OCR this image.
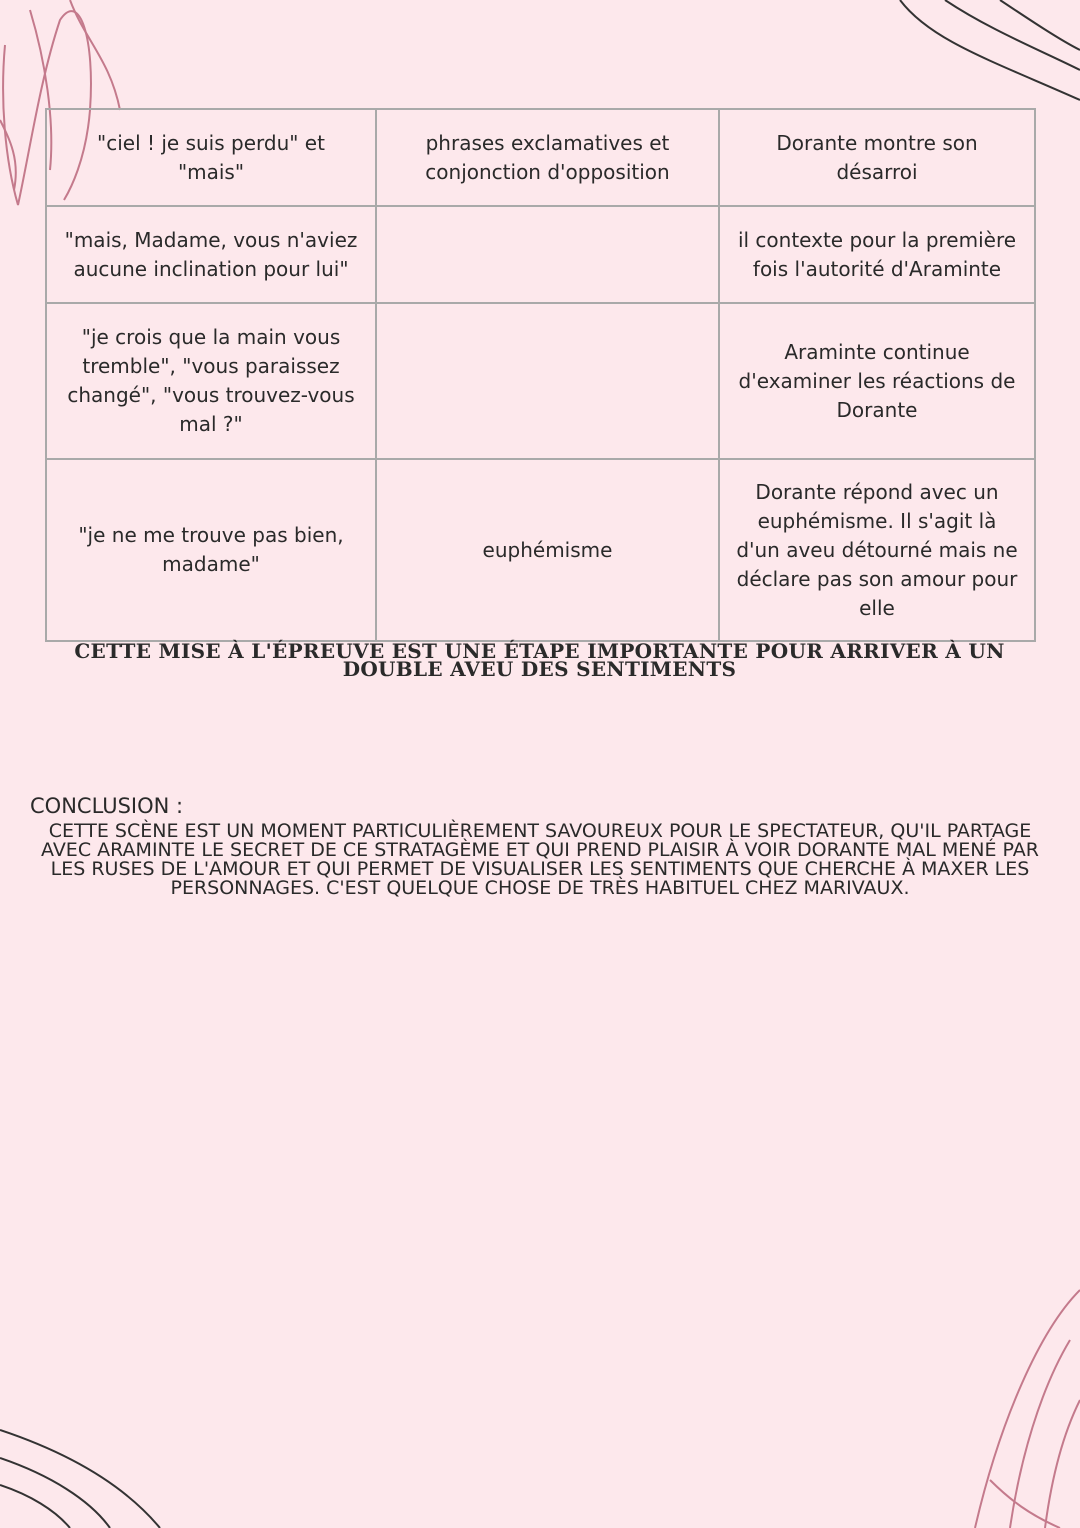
"ciel ! je suis perdu" et "mais"	phrases exclamatives et conjonction d'opposition	Dorante montre son désarroi
"mais, Madame, vous n'aviez aucune inclination pour lui"		il contexte pour la première fois l'autorité d'Araminte
"je crois que la main vous tremble", "vous paraissez changé", "vous trouvez-vous mal ?"		Araminte continue d'examiner les réactions de Dorante
"je ne me trouve pas bien, madame"	euphémisme	Dorante répond avec un euphémisme. Il s'agit là d'un aveu détourné mais ne déclare pas son amour pour elle
CETTE MISE À L'ÉPREUVE EST UNE ÉTAPE IMPORTANTE POUR ARRIVER À UN DOUBLE AVEU DES SENTIMENTS
CONCLUSION :
CETTE SCÈNE EST UN MOMENT PARTICULIÈREMENT SAVOUREUX POUR LE SPECTATEUR, QU'IL PARTAGE AVEC ARAMINTE LE SECRET DE CE STRATAGÈME ET QUI PREND PLAISIR À VOIR DORANTE MAL MENÉ PAR LES RUSES DE L'AMOUR ET QUI PERMET DE VISUALISER LES SENTIMENTS QUE CHERCHE À MAXER LES PERSONNAGES. C'EST QUELQUE CHOSE DE TRÈS HABITUEL CHEZ MARIVAUX.
